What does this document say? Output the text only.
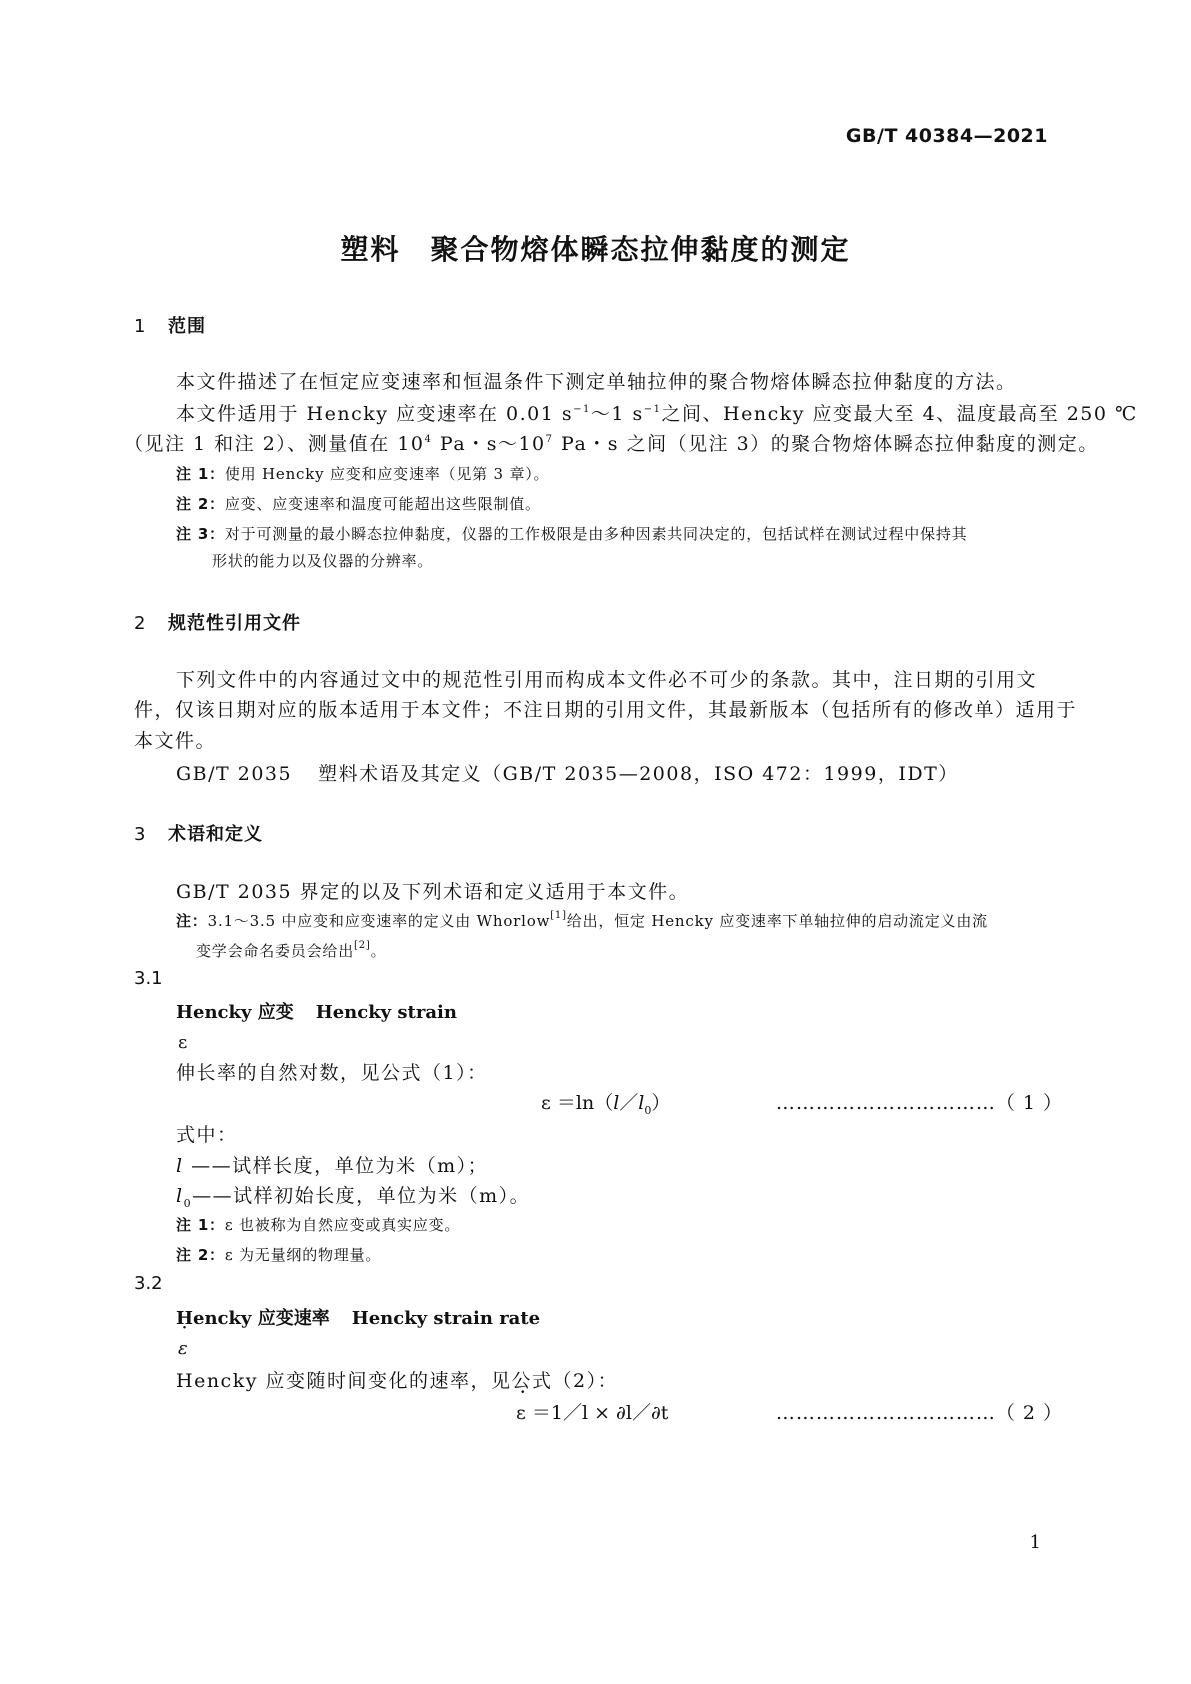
GB/T 40384—2021
塑料　聚合物熔体瞬态拉伸黏度的测定
1 范围
本文件描述了在恒定应变速率和恒温条件下测定单轴拉伸的聚合物熔体瞬态拉伸黏度的方法。
本文件适用于 Hencky 应变速率在 0.01 $s^{-1}\sim 1$ $s^{-1}$之间、Hencky 应变最大至 4、温度最高至 250 ℃
（见注 1 和注 2）、测量值在 $10^4$ Pa・$s\sim 10^7$ Pa・s 之间（见注 3）的聚合物熔体瞬态拉伸黏度的测定。
注 1：使用 Hencky 应变和应变速率（见第 3 章）。
注 2：应变、应变速率和温度可能超出这些限制值。
注 3：对于可测量的最小瞬态拉伸黏度，仪器的工作极限是由多种因素共同决定的，包括试样在测试过程中保持其
形状的能力以及仪器的分辨率。
2 规范性引用文件
下列文件中的内容通过文中的规范性引用而构成本文件必不可少的条款。其中，注日期的引用文
件，仅该日期对应的版本适用于本文件；不注日期的引用文件，其最新版本（包括所有的修改单）适用于
本文件。
GB/T 2035 塑料术语及其定义（GB/T 2035—2008，ISO 472：1999，IDT）
3 术语和定义
GB/T 2035 界定的以及下列术语和定义适用于本文件。
注：3.1～3.5 中应变和应变速率的定义由 Whorlow[1]给出，恒定 Hencky 应变速率下单轴拉伸的启动流定义由流
变学会命名委员会给出[2]。
3.1
Hencky 应变 Hencky strain
ε
伸长率的自然对数，见公式（1）：
$\varepsilon =\ln(l/l_0)$	……………………………（ 1 ）
式中：
l ——试样长度，单位为米（m）；
$l_0——$试样初始长度，单位为米（m）。
注 1：ε 也被称为自然应变或真实应变。
注 2：ε 为无量纲的物理量。
3.2
Hencky 应变速率 Hencky strain rate
˙ ε
Hencky 应变随时间变化的速率，见公式（2）：
˙ ε ＝1／l × ∂l／∂t	……………………………（ 2 ）
1
